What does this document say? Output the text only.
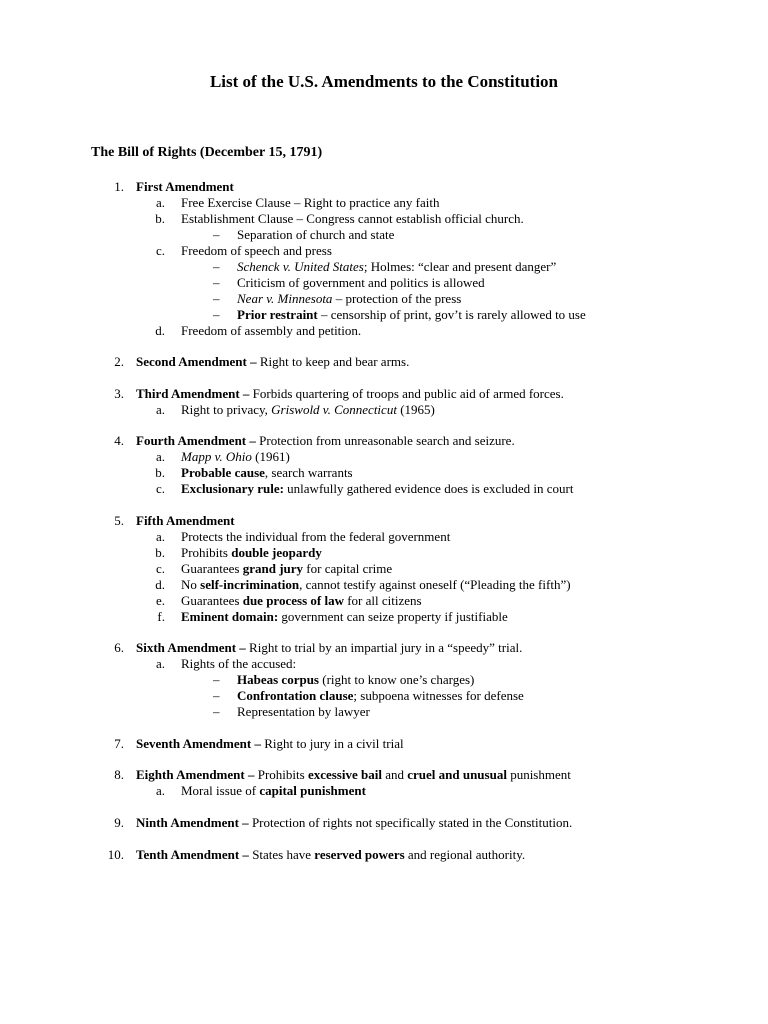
List of the U.S. Amendments to the Constitution
The Bill of Rights (December 15, 1791)
1. First Amendment
a. Free Exercise Clause – Right to practice any faith
b. Establishment Clause – Congress cannot establish official church.
– Separation of church and state
c. Freedom of speech and press
– Schenck v. United States; Holmes: “clear and present danger”
– Criticism of government and politics is allowed
– Near v. Minnesota – protection of the press
– Prior restraint – censorship of print, gov’t is rarely allowed to use
d. Freedom of assembly and petition.
2. Second Amendment – Right to keep and bear arms.
3. Third Amendment – Forbids quartering of troops and public aid of armed forces.
a. Right to privacy, Griswold v. Connecticut (1965)
4. Fourth Amendment – Protection from unreasonable search and seizure.
a. Mapp v. Ohio (1961)
b. Probable cause, search warrants
c. Exclusionary rule: unlawfully gathered evidence does is excluded in court
5. Fifth Amendment
a. Protects the individual from the federal government
b. Prohibits double jeopardy
c. Guarantees grand jury for capital crime
d. No self-incrimination, cannot testify against oneself (“Pleading the fifth”)
e. Guarantees due process of law for all citizens
f. Eminent domain: government can seize property if justifiable
6. Sixth Amendment – Right to trial by an impartial jury in a “speedy” trial.
a. Rights of the accused:
– Habeas corpus (right to know one’s charges)
– Confrontation clause; subpoena witnesses for defense
– Representation by lawyer
7. Seventh Amendment – Right to jury in a civil trial
8. Eighth Amendment – Prohibits excessive bail and cruel and unusual punishment
a. Moral issue of capital punishment
9. Ninth Amendment – Protection of rights not specifically stated in the Constitution.
10. Tenth Amendment – States have reserved powers and regional authority.
